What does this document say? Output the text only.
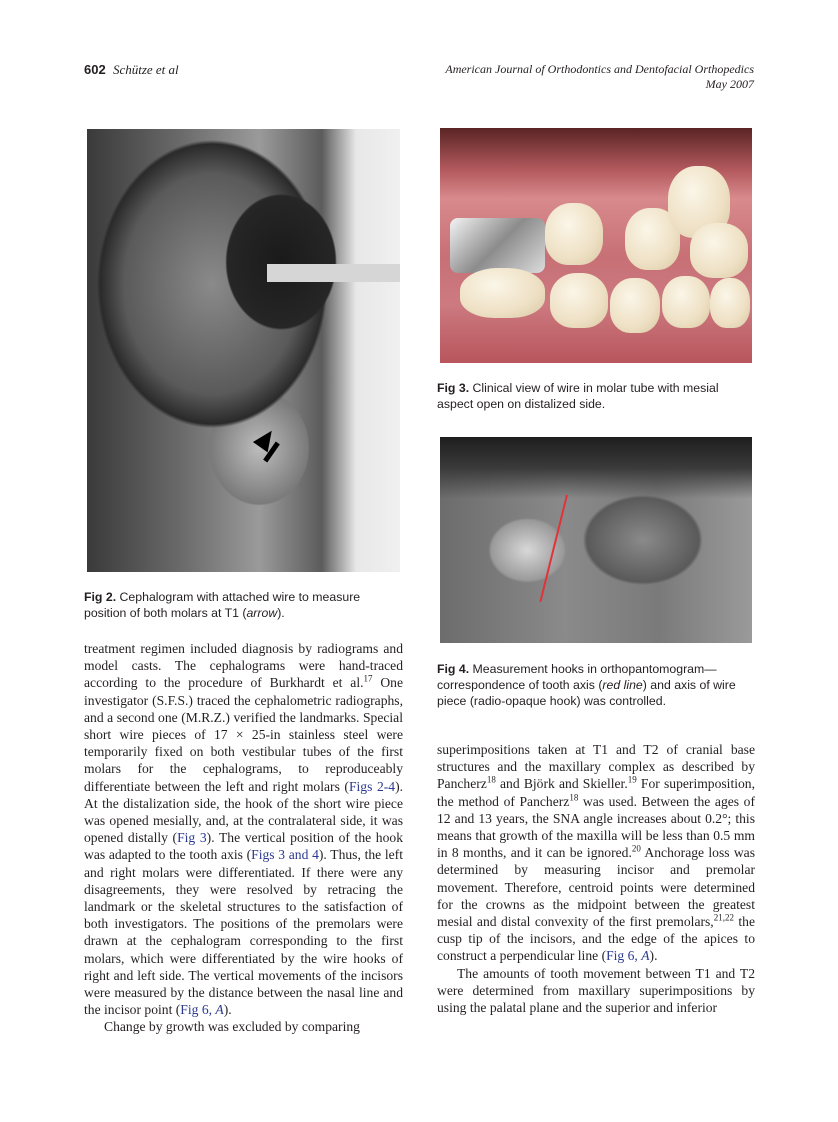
602 Schütze et al	American Journal of Orthodontics and Dentofacial Orthopedics
May 2007
Fig 2. Cephalogram with attached wire to measure position of both molars at T1 (arrow).
Fig 3. Clinical view of wire in molar tube with mesial aspect open on distalized side.
Fig 4. Measurement hooks in orthopantomogram—correspondence of tooth axis (red line) and axis of wire piece (radio-opaque hook) was controlled.

treatment regimen included diagnosis by radiograms and model casts. The cephalograms were hand-traced according to the procedure of Burkhardt et al.$^{17}$ One investigator (S.F.S.) traced the cephalometric radiographs, and a second one (M.R.Z.) verified the landmarks. Special short wire pieces of 17 × 25-in stainless steel were temporarily fixed on both vestibular tubes of the first molars for the cephalograms, to reproduceably differentiate between the left and right molars (Figs 2-4). At the distalization side, the hook of the short wire piece was opened mesially, and, at the contralateral side, it was opened distally (Fig 3). The vertical position of the hook was adapted to the tooth axis (Figs 3 and 4). Thus, the left and right molars were differentiated. If there were any disagreements, they were resolved by retracing the landmark or the skeletal structures to the satisfaction of both investigators. The positions of the premolars were drawn at the cephalogram corresponding to the first molars, which were differentiated by the wire hooks of right and left side. The vertical movements of the incisors were measured by the distance between the nasal line and the incisor point (Fig 6, A).

Change by growth was excluded by comparing

superimpositions taken at T1 and T2 of cranial base structures and the maxillary complex as described by Pancherz$^{18}$ and Björk and Skieller.$^{19}$ For superimposition, the method of Pancherz$^{18}$ was used. Between the ages of 12 and 13 years, the SNA angle increases about 0.2°; this means that growth of the maxilla will be less than 0.5 mm in 8 months, and it can be ignored.$^{20}$ Anchorage loss was determined by measuring incisor and premolar movement. Therefore, centroid points were determined for the crowns as the midpoint between the greatest mesial and distal convexity of the first premolars,$^{21,22}$ the cusp tip of the incisors, and the edge of the apices to construct a perpendicular line (Fig 6, A).

The amounts of tooth movement between T1 and T2 were determined from maxillary superimpositions by using the palatal plane and the superior and inferior
